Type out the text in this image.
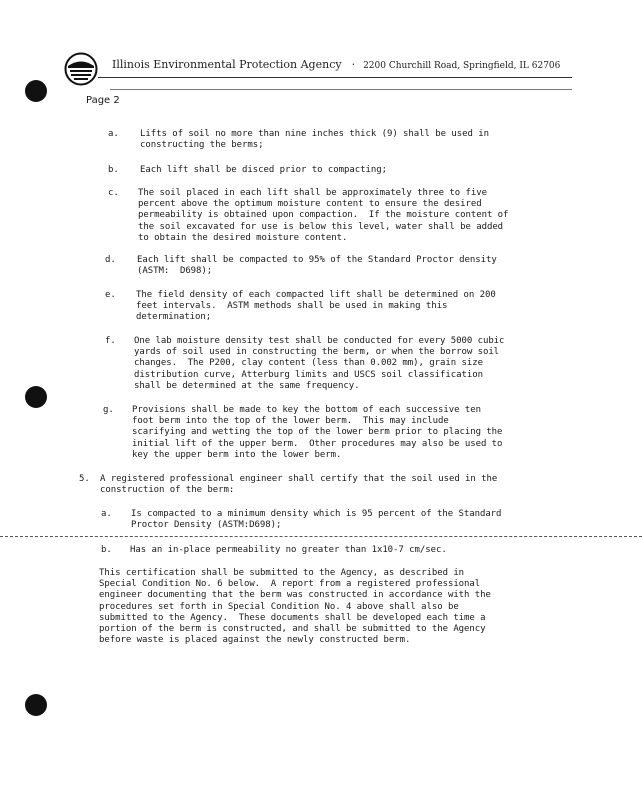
Illinois Environmental Protection Agency · 2200 Churchill Road, Springfield, IL 62706
Page 2
a. Lifts of soil no more than nine inches thick (9) shall be used in
constructing the berms;
b. Each lift shall be disced prior to compacting;
c. The soil placed in each lift shall be approximately three to five
percent above the optimum moisture content to ensure the desired
permeability is obtained upon compaction.  If the moisture content of
the soil excavated for use is below this level, water shall be added
to obtain the desired moisture content.
d. Each lift shall be compacted to 95% of the Standard Proctor density
(ASTM:  D698);
e. The field density of each compacted lift shall be determined on 200
feet intervals.  ASTM methods shall be used in making this
determination;
f. One lab moisture density test shall be conducted for every 5000 cubic
yards of soil used in constructing the berm, or when the borrow soil
changes.  The P200, clay content (less than 0.002 mm), grain size
distribution curve, Atterburg limits and USCS soil classification
shall be determined at the same frequency.
g. Provisions shall be made to key the bottom of each successive ten
foot berm into the top of the lower berm.  This may include
scarifying and wetting the top of the lower berm prior to placing the
initial lift of the upper berm.  Other procedures may also be used to
key the upper berm into the lower berm.
5. A registered professional engineer shall certify that the soil used in the
construction of the berm:
a. Is compacted to a minimum density which is 95 percent of the Standard
Proctor Density (ASTM:D698);
b. Has an in-place permeability no greater than 1x10-7 cm/sec.
This certification shall be submitted to the Agency, as described in
Special Condition No. 6 below.  A report from a registered professional
engineer documenting that the berm was constructed in accordance with the
procedures set forth in Special Condition No. 4 above shall also be
submitted to the Agency.  These documents shall be developed each time a
portion of the berm is constructed, and shall be submitted to the Agency
before waste is placed against the newly constructed berm.
